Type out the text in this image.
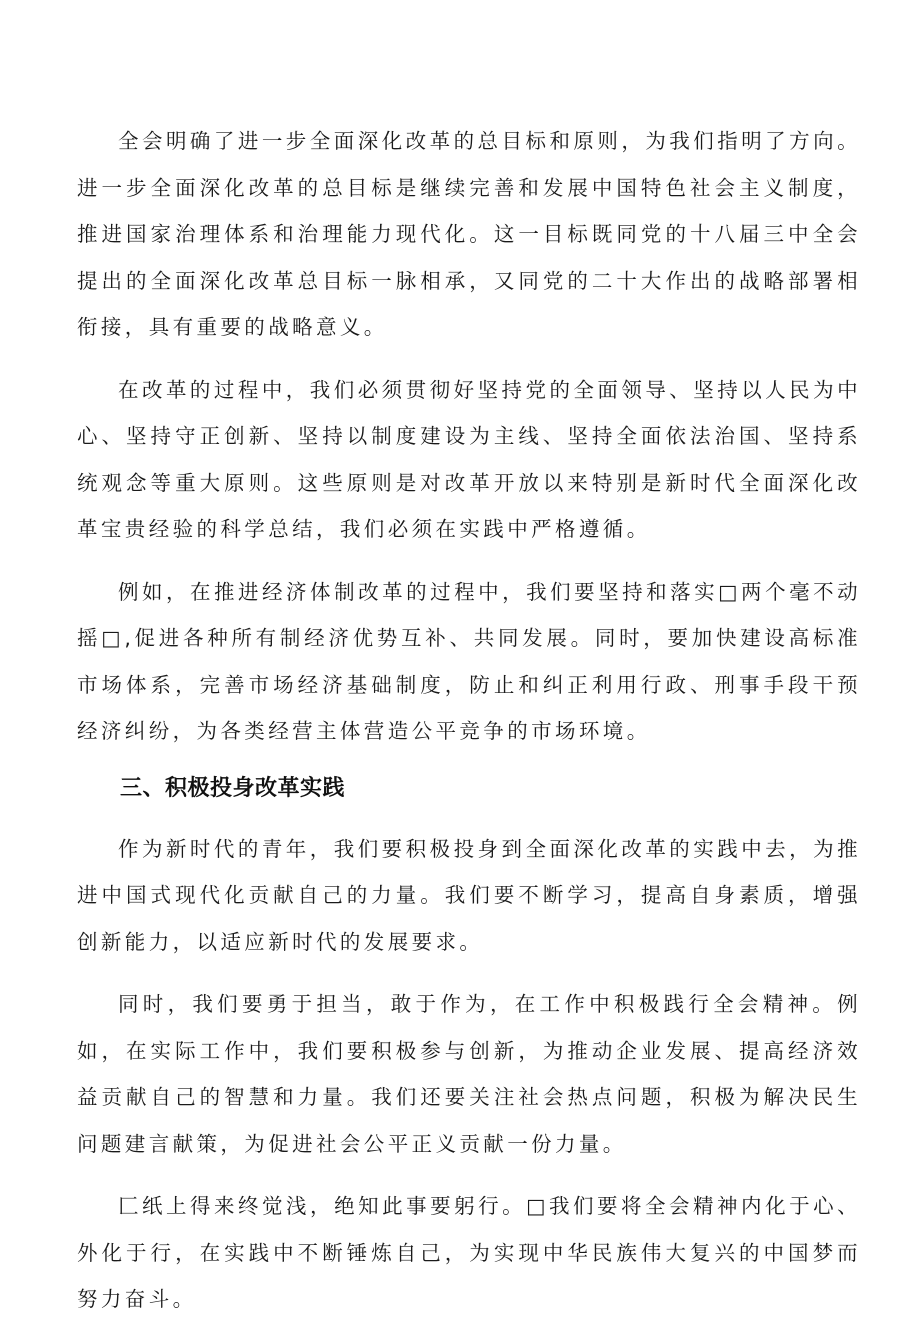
全会明确了进一步全面深化改革的总目标和原则，为我们指明了方向。进一步全面深化改革的总目标是继续完善和发展中国特色社会主义制度，推进国家治理体系和治理能力现代化。这一目标既同党的十八届三中全会提出的全面深化改革总目标一脉相承，又同党的二十大作出的战略部署相衔接，具有重要的战略意义。

在改革的过程中，我们必须贯彻好坚持党的全面领导、坚持以人民为中心、坚持守正创新、坚持以制度建设为主线、坚持全面依法治国、坚持系统观念等重大原则。这些原则是对改革开放以来特别是新时代全面深化改革宝贵经验的科学总结，我们必须在实践中严格遵循。

例如，在推进经济体制改革的过程中，我们要坚持和落实□两个毫不动摇□,促进各种所有制经济优势互补、共同发展。同时，要加快建设高标准市场体系，完善市场经济基础制度，防止和纠正利用行政、刑事手段干预经济纠纷，为各类经营主体营造公平竞争的市场环境。

三、积极投身改革实践

作为新时代的青年，我们要积极投身到全面深化改革的实践中去，为推进中国式现代化贡献自己的力量。我们要不断学习，提高自身素质，增强创新能力，以适应新时代的发展要求。

同时，我们要勇于担当，敢于作为，在工作中积极践行全会精神。例如，在实际工作中，我们要积极参与创新，为推动企业发展、提高经济效益贡献自己的智慧和力量。我们还要关注社会热点问题，积极为解决民生问题建言献策，为促进社会公平正义贡献一份力量。

匚纸上得来终觉浅，绝知此事要躬行。□我们要将全会精神内化于心、外化于行，在实践中不断锤炼自己，为实现中华民族伟大复兴的中国梦而努力奋斗。
